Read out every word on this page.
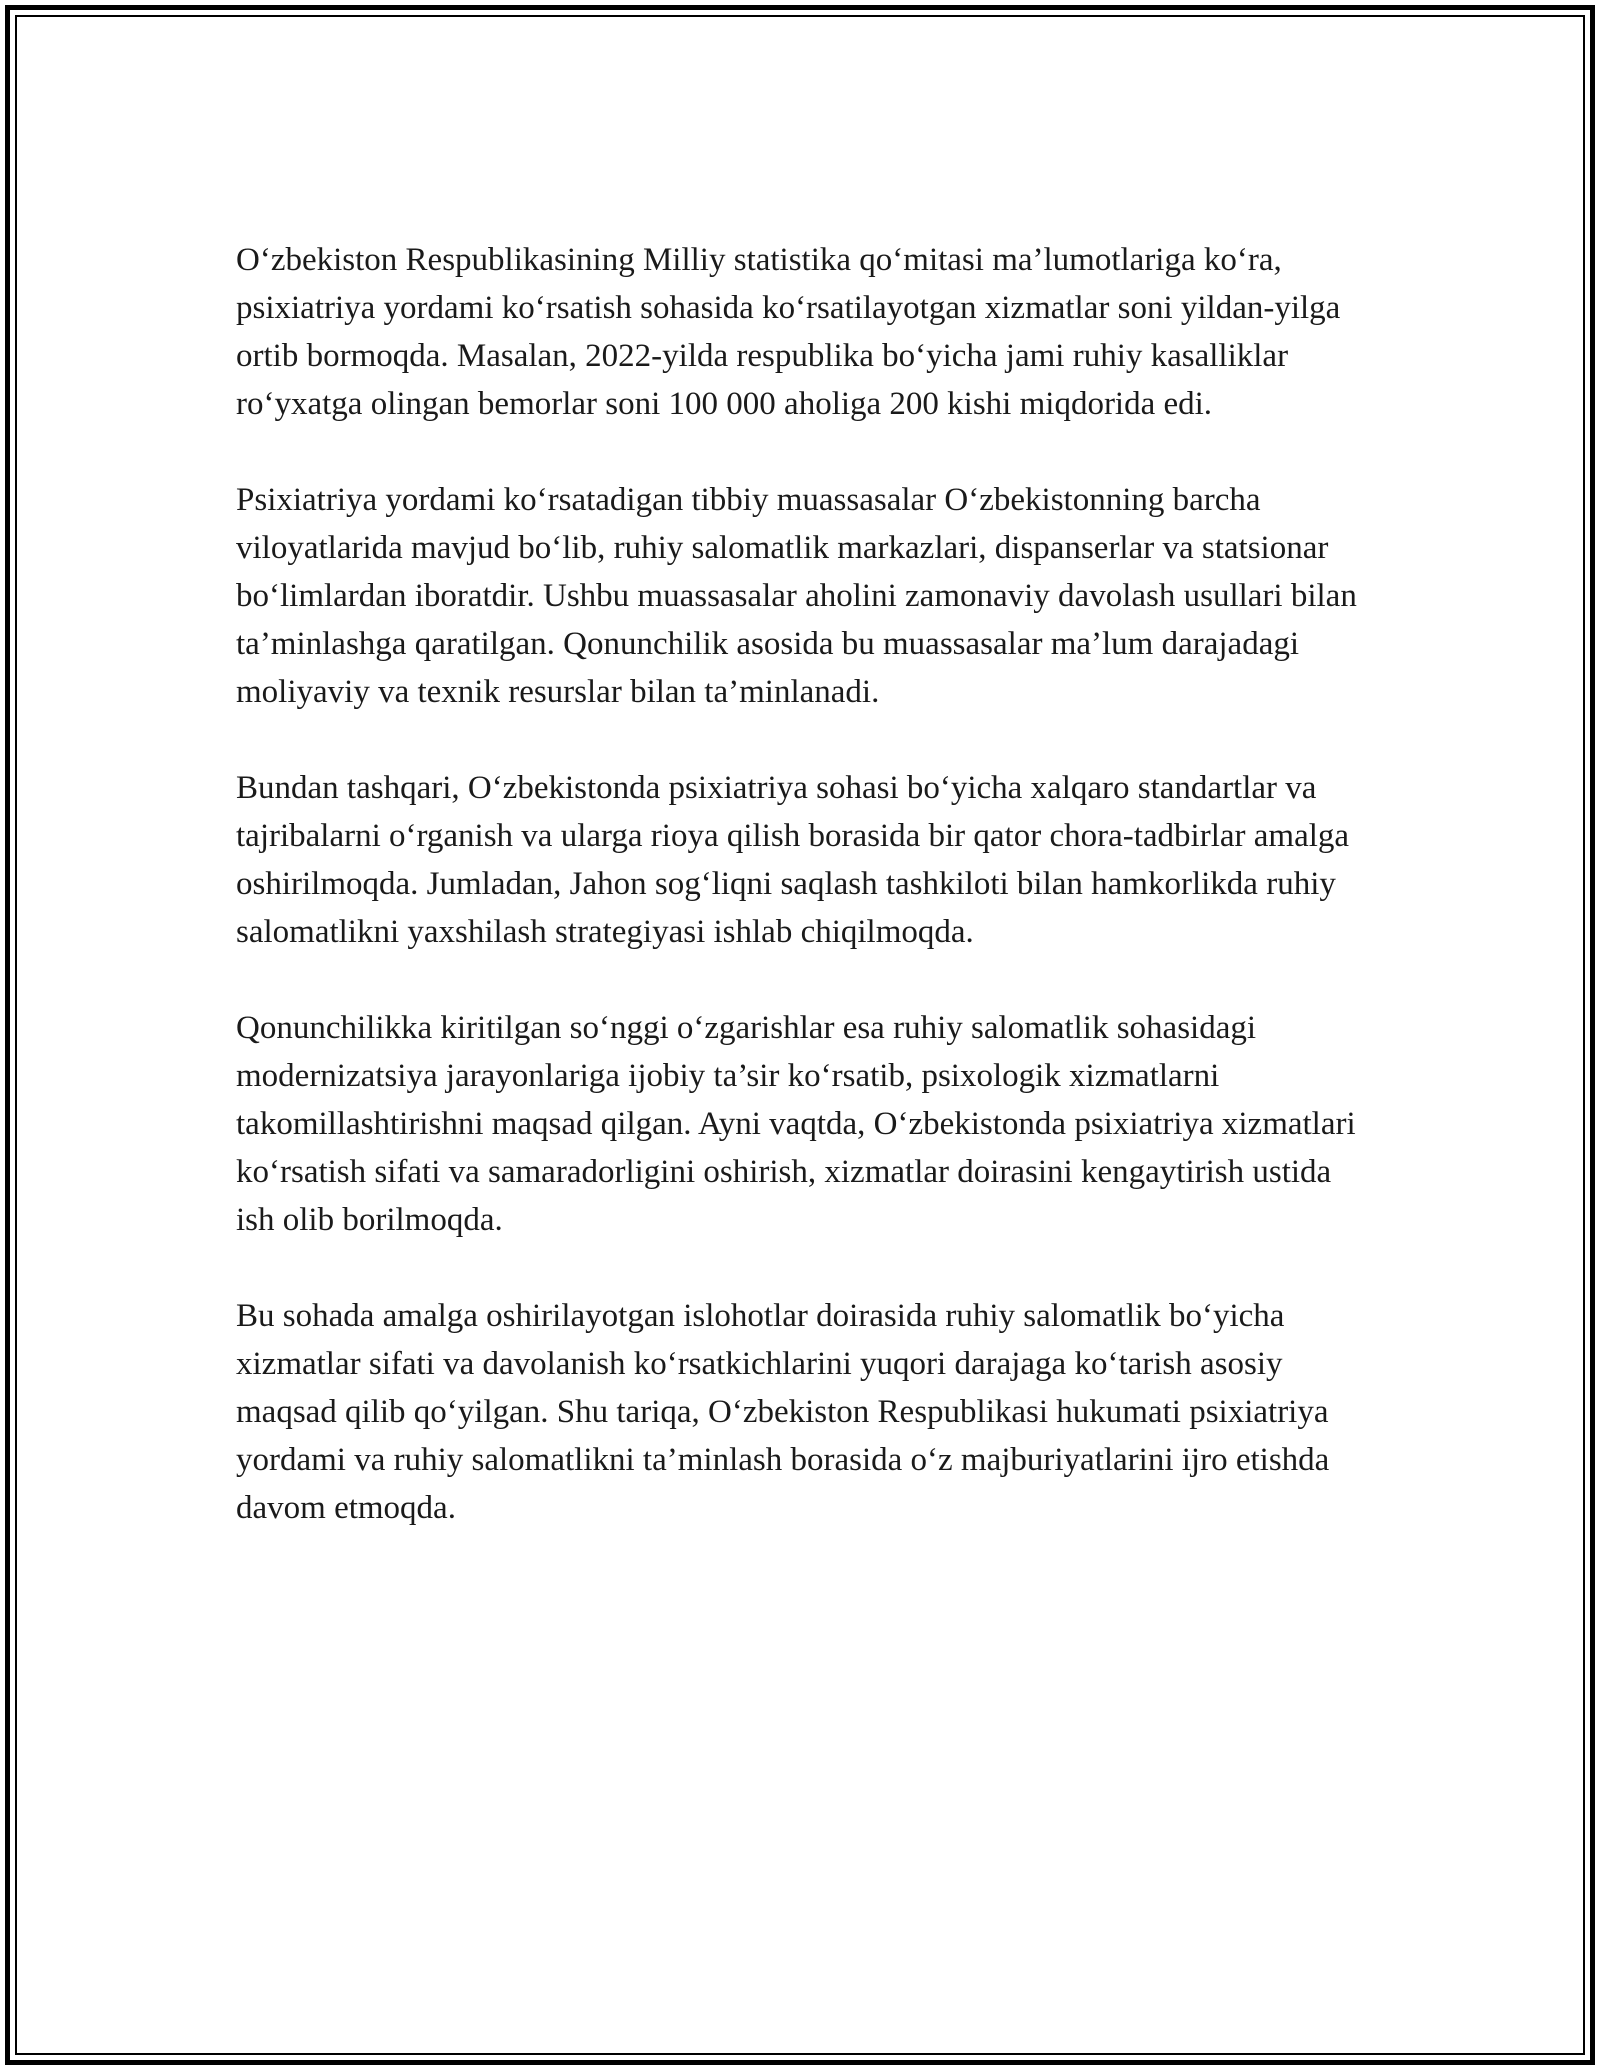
O‘zbekiston Respublikasining Milliy statistika qo‘mitasi ma’lumotlariga ko‘ra, psixiatriya yordami ko‘rsatish sohasida ko‘rsatilayotgan xizmatlar soni yildan-yilga ortib bormoqda. Masalan, 2022-yilda respublika bo‘yicha jami ruhiy kasalliklar ro‘yxatga olingan bemorlar soni 100 000 aholiga 200 kishi miqdorida edi.

Psixiatriya yordami ko‘rsatadigan tibbiy muassasalar O‘zbekistonning barcha viloyatlarida mavjud bo‘lib, ruhiy salomatlik markazlari, dispanserlar va statsionar bo‘limlardan iboratdir. Ushbu muassasalar aholini zamonaviy davolash usullari bilan ta’minlashga qaratilgan. Qonunchilik asosida bu muassasalar ma’lum darajadagi moliyaviy va texnik resurslar bilan ta’minlanadi.

Bundan tashqari, O‘zbekistonda psixiatriya sohasi bo‘yicha xalqaro standartlar va tajribalarni o‘rganish va ularga rioya qilish borasida bir qator chora-tadbirlar amalga oshirilmoqda. Jumladan, Jahon sog‘liqni saqlash tashkiloti bilan hamkorlikda ruhiy salomatlikni yaxshilash strategiyasi ishlab chiqilmoqda.

Qonunchilikka kiritilgan so‘nggi o‘zgarishlar esa ruhiy salomatlik sohasidagi modernizatsiya jarayonlariga ijobiy ta’sir ko‘rsatib, psixologik xizmatlarni takomillashtirishni maqsad qilgan. Ayni vaqtda, O‘zbekistonda psixiatriya xizmatlari ko‘rsatish sifati va samaradorligini oshirish, xizmatlar doirasini kengaytirish ustida ish olib borilmoqda.

Bu sohada amalga oshirilayotgan islohotlar doirasida ruhiy salomatlik bo‘yicha xizmatlar sifati va davolanish ko‘rsatkichlarini yuqori darajaga ko‘tarish asosiy maqsad qilib qo‘yilgan. Shu tariqa, O‘zbekiston Respublikasi hukumati psixiatriya yordami va ruhiy salomatlikni ta’minlash borasida o‘z majburiyatlarini ijro etishda davom etmoqda.
